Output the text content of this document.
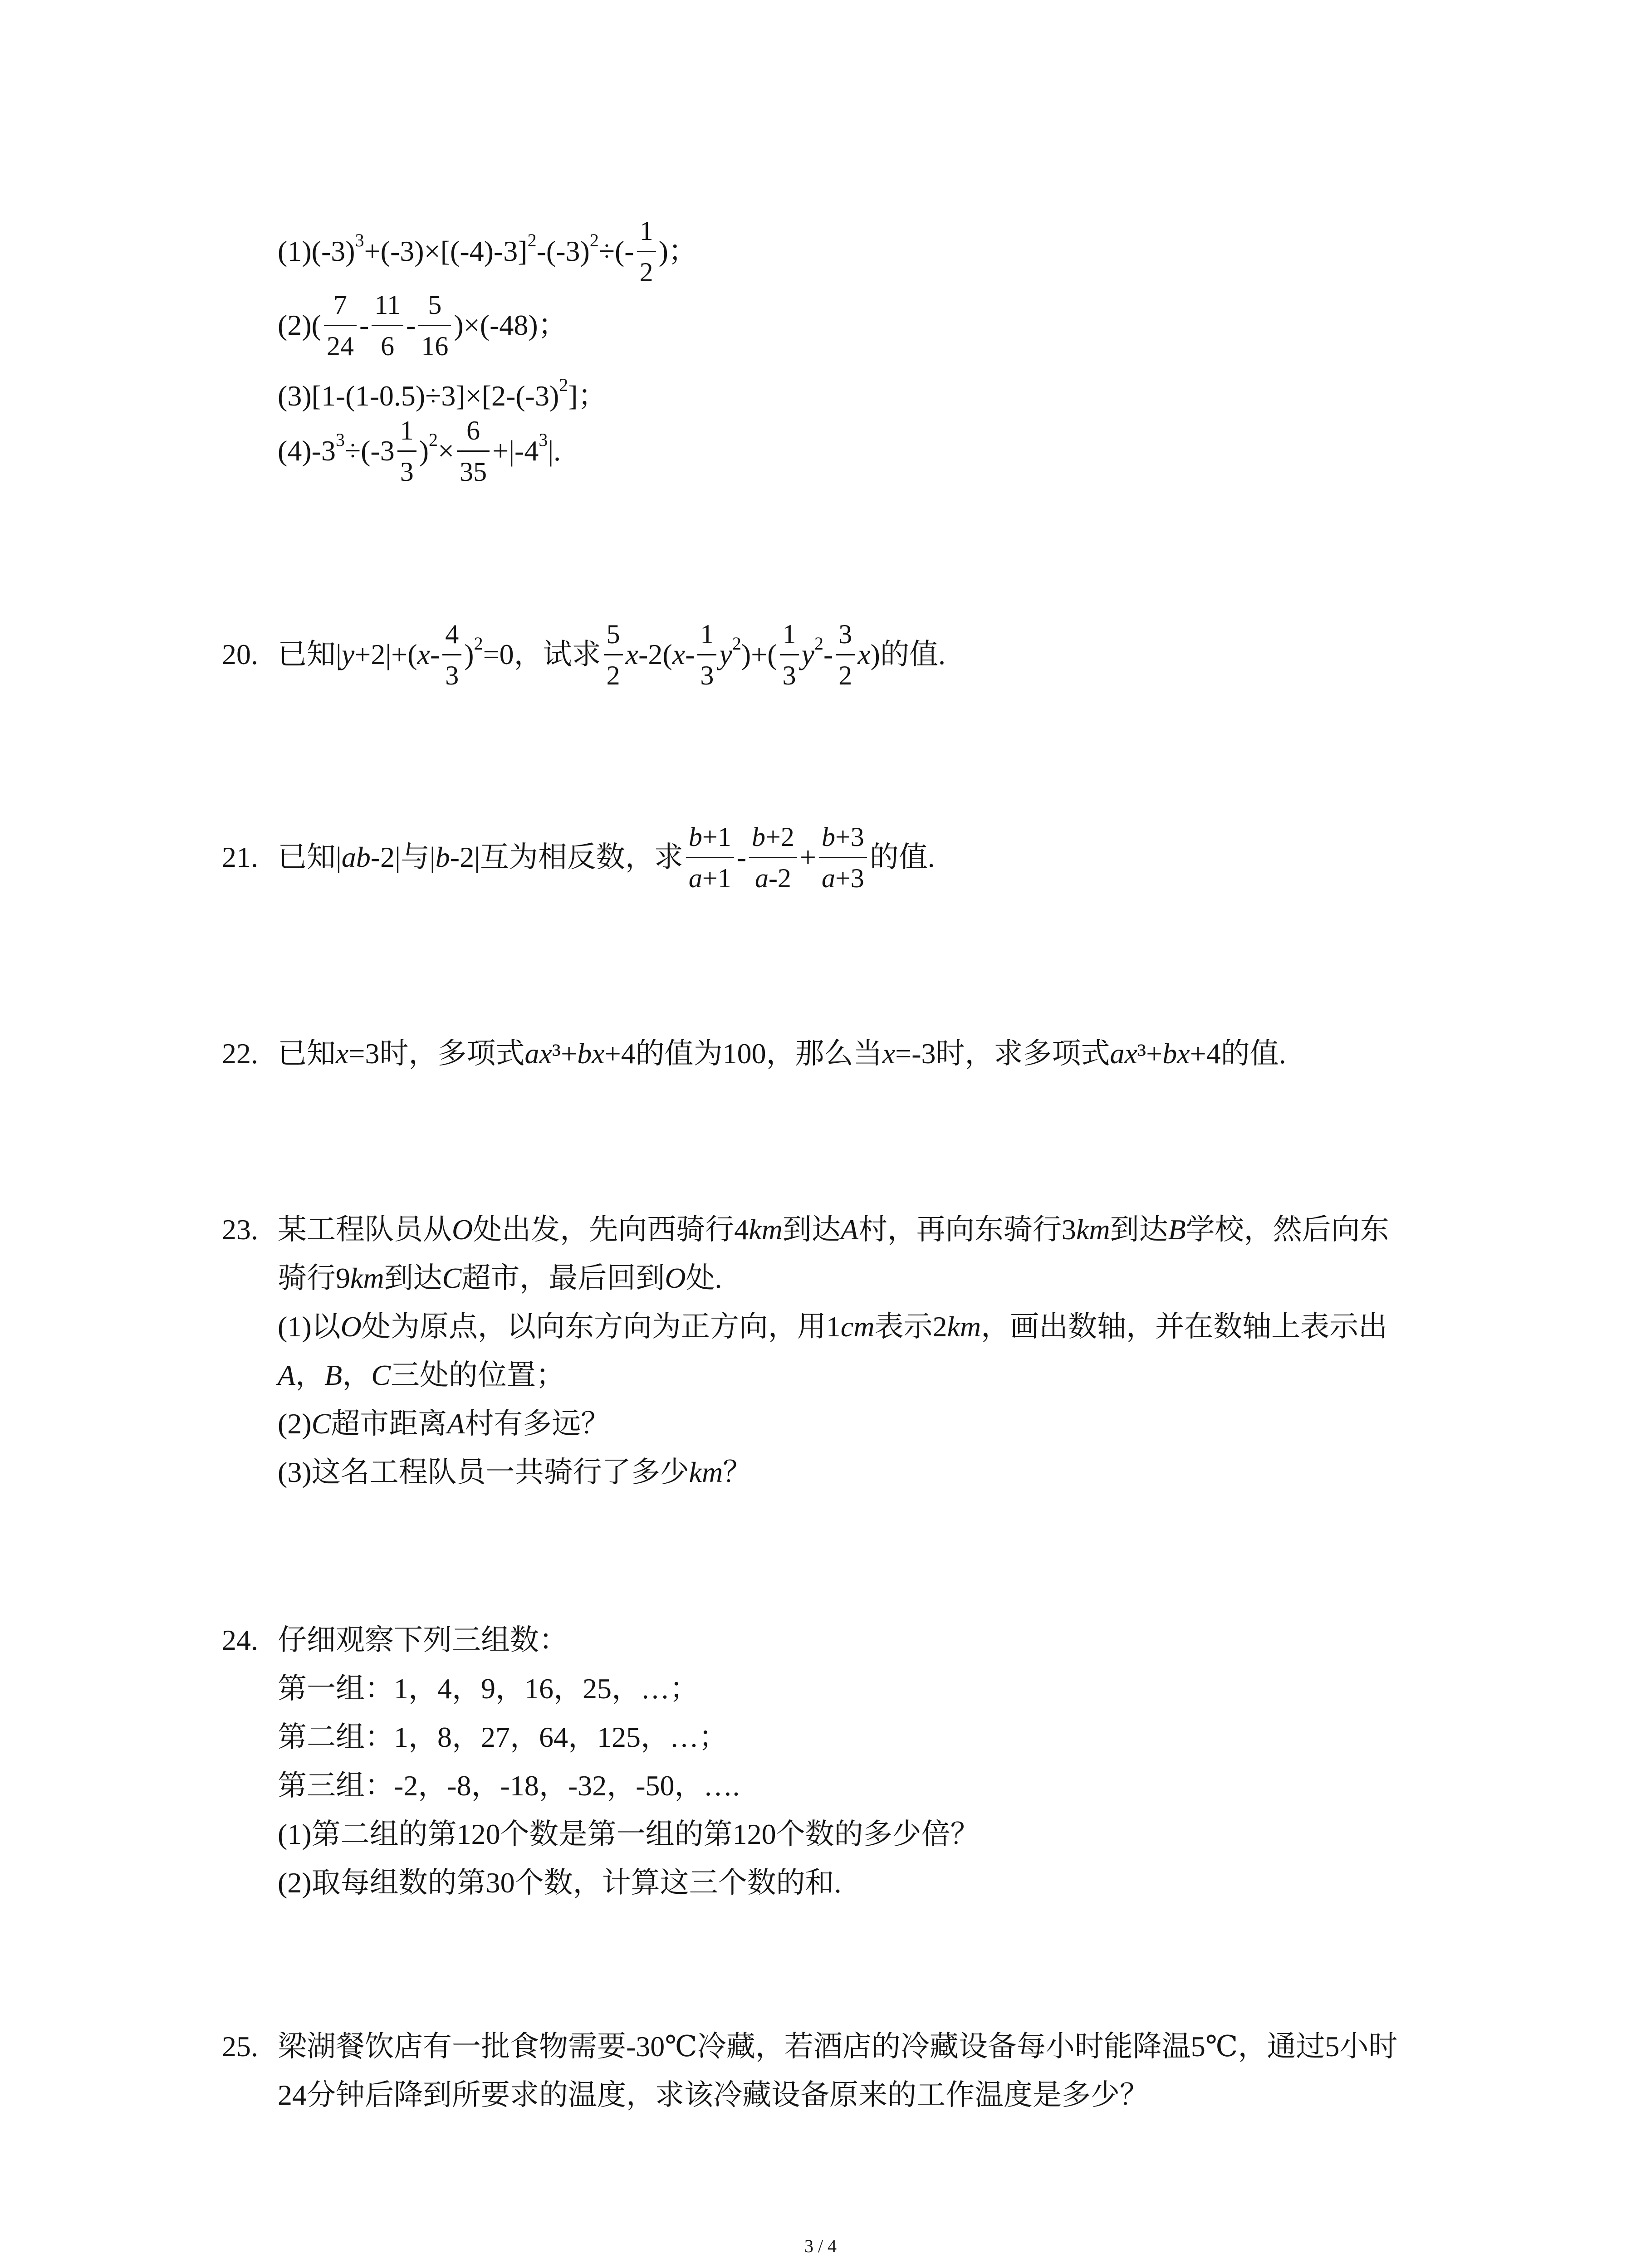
(1)(-3) 3 +(-3)×[(-4)-3] 2 -(-3) 2 ÷(- $\frac{1}{2}$ )；
$(2)( \frac{7}{24} - \frac{11}{6} - \frac{5}{16} )\times(-48)$；
(3)[1-(1-0.5)÷3]×[2-(-3) 2 ]；
(4)-3 $3 \div(-3 \frac{1}{3}$ ) $2 \times \frac{6}{35} +|-4$ 3 |.
20. 已知| y +2|+( x - $\frac{4}{3}$ ) 2 =0，试求 $\frac{5}{2}$ x -2( x - $\frac{1}{3}$ y 2 )+( $\frac{1}{3}$ y $2 - \frac{3}{2}$ x )的值.
21. 已知| ab -2|与| b -2|互为相反数，求 $\frac{b+1}{a+1} - \frac{b+2}{a-2} + \frac{b+3}{a+3}$ 的值.
22. 已知 x =3时，多项式 ax ³+ bx +4的值为100，那么当 x =-3时，求多项式 ax ³+ bx +4的值.
23. 某工程队员从 O 处出发，先向西骑行4 km 到达 A 村，再向东骑行3 km 到达 B 学校，然后向东
骑行9 km 到达 C 超市，最后回到 O 处.
(1)以 O 处为原点，以向东方向为正方向，用1 cm 表示2 km ，画出数轴，并在数轴上表示出
A ， B ， C 三处的位置；
(2) C 超市距离 A 村有多远？
(3)这名工程队员一共骑行了多少 km ？
24. 仔细观察下列三组数：
第一组：1，4，9，16，25，…；
第二组：1，8，27，64，125，…；
第三组：-2，-8，-18，-32，-50，….
(1)第二组的第120个数是第一组的第120个数的多少倍？
(2)取每组数的第30个数，计算这三个数的和.
25. 梁湖餐饮店有一批食物需要-30℃冷藏，若酒店的冷藏设备每小时能降温5℃，通过5小时
24分钟后降到所要求的温度，求该冷藏设备原来的工作温度是多少？
3 / 4
